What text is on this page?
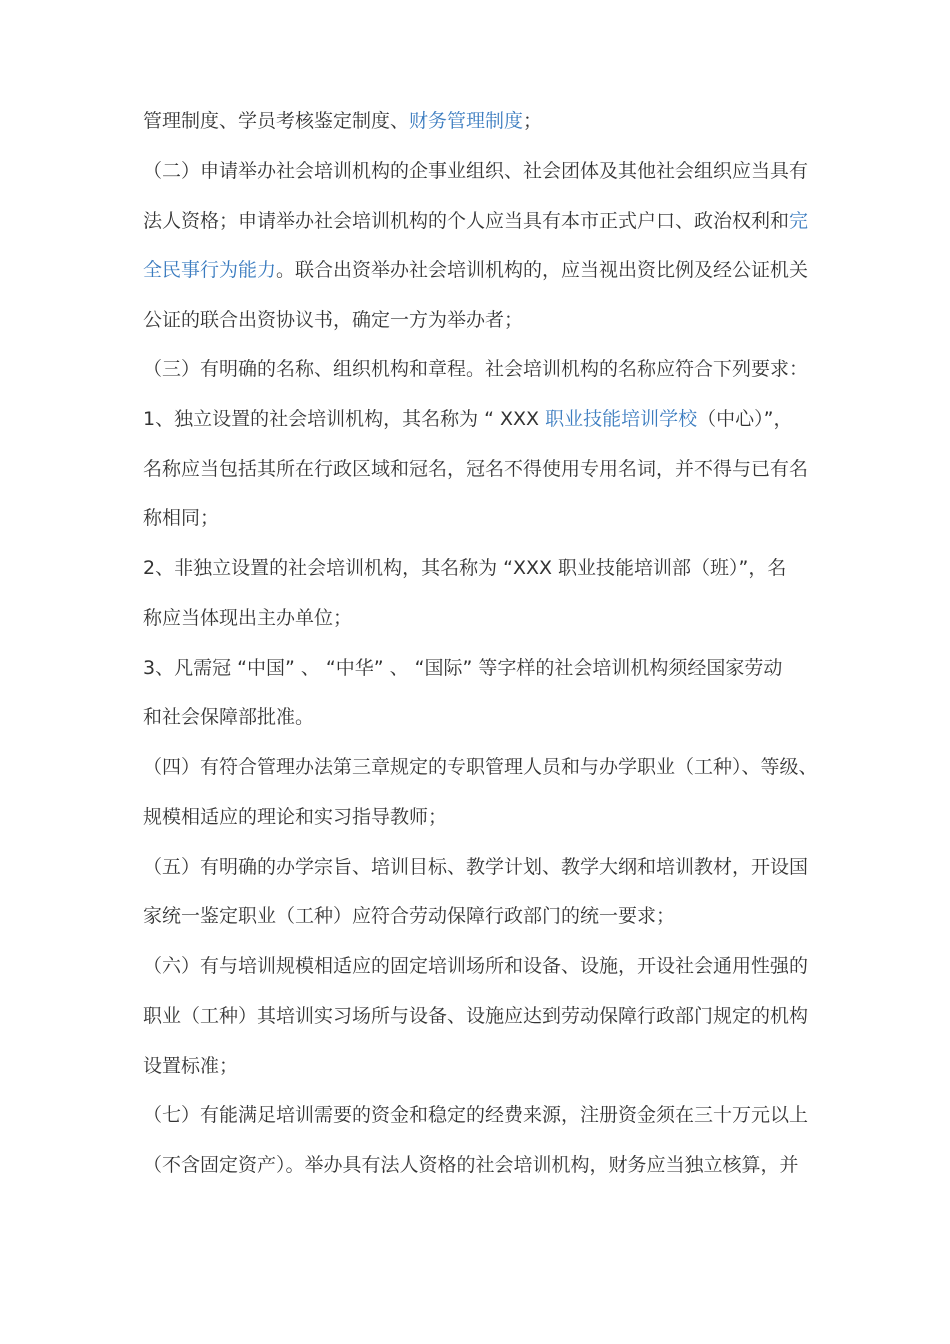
管理制度、学员考核鉴定制度、财务管理制度；
（二）申请举办社会培训机构的企事业组织、社会团体及其他社会组织应当具有
法人资格；申请举办社会培训机构的个人应当具有本市正式户口、政治权利和完
全民事行为能力。联合出资举办社会培训机构的，应当视出资比例及经公证机关
公证的联合出资协议书，确定一方为举办者；
（三）有明确的名称、组织机构和章程。社会培训机构的名称应符合下列要求：
1、独立设置的社会培训机构，其名称为 “ XXX 职业技能培训学校（中心）”，
名称应当包括其所在行政区域和冠名，冠名不得使用专用名词，并不得与已有名
称相同；
2、非独立设置的社会培训机构，其名称为 “XXX 职业技能培训部（班）”，名
称应当体现出主办单位；
3、凡需冠 “中国” 、 “中华” 、 “国际” 等字样的社会培训机构须经国家劳动
和社会保障部批准。
（四）有符合管理办法第三章规定的专职管理人员和与办学职业（工种）、等级、
规模相适应的理论和实习指导教师；
（五）有明确的办学宗旨、培训目标、教学计划、教学大纲和培训教材，开设国
家统一鉴定职业（工种）应符合劳动保障行政部门的统一要求；
（六）有与培训规模相适应的固定培训场所和设备、设施，开设社会通用性强的
职业（工种）其培训实习场所与设备、设施应达到劳动保障行政部门规定的机构
设置标准；
（七）有能满足培训需要的资金和稳定的经费来源，注册资金须在三十万元以上
（不含固定资产）。举办具有法人资格的社会培训机构，财务应当独立核算，并
